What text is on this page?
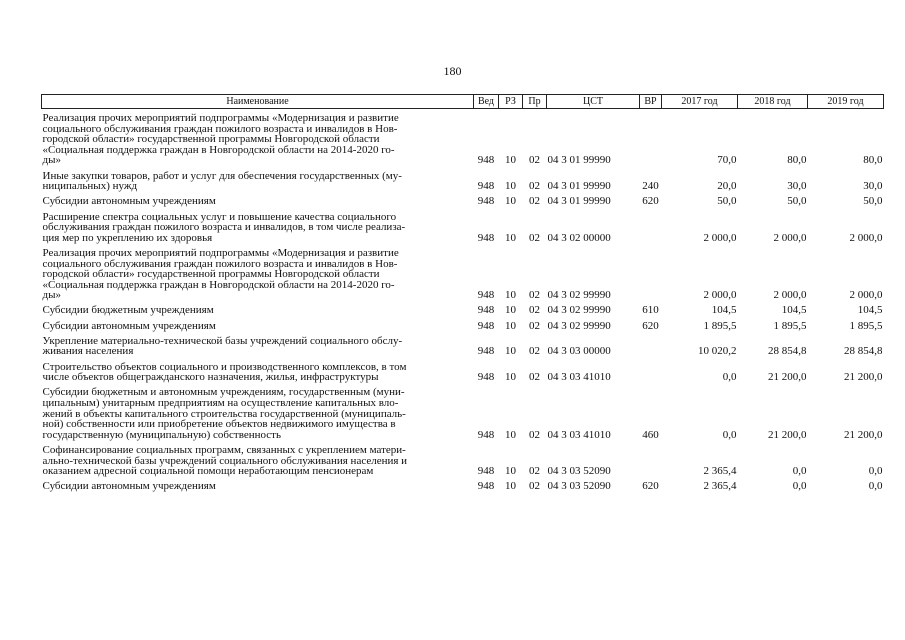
180
Наименование	Вед	РЗ	Пр	ЦСТ	ВР	2017 год	2018 год	2019 год

Реализация прочих мероприятий подпрограммы «Модернизация и развитие
социального обслуживания граждан пожилого возраста и инвалидов в Нов-
городской области» государственной программы Новгородской области
«Социальная поддержка граждан в Новгородской области на 2014-2020 го-
ды»	948	10	02	04 3 01 99990		70,0	80,0	80,0

Иные закупки товаров, работ и услуг для обеспечения государственных (му-
ниципальных) нужд	948	10	02	04 3 01 99990	240	20,0	30,0	30,0

Субсидии автономным учреждениям	948	10	02	04 3 01 99990	620	50,0	50,0	50,0

Расширение спектра социальных услуг и повышение качества социального
обслуживания граждан пожилого возраста и инвалидов, в том числе реализа-
ция мер по укреплению их здоровья	948	10	02	04 3 02 00000		2 000,0	2 000,0	2 000,0

Реализация прочих мероприятий подпрограммы «Модернизация и развитие
социального обслуживания граждан пожилого возраста и инвалидов в Нов-
городской области» государственной программы Новгородской области
«Социальная поддержка граждан в Новгородской области на 2014-2020 го-
ды»	948	10	02	04 3 02 99990		2 000,0	2 000,0	2 000,0

Субсидии бюджетным учреждениям	948	10	02	04 3 02 99990	610	104,5	104,5	104,5

Субсидии автономным учреждениям	948	10	02	04 3 02 99990	620	1 895,5	1 895,5	1 895,5

Укрепление материально-технической базы учреждений социального обслу-
живания населения	948	10	02	04 3 03 00000		10 020,2	28 854,8	28 854,8

Строительство объектов социального и производственного комплексов, в том
числе объектов общегражданского назначения, жилья, инфраструктуры	948	10	02	04 3 03 41010		0,0	21 200,0	21 200,0

Субсидии бюджетным и автономным учреждениям, государственным (муни-
ципальным) унитарным предприятиям на осуществление капитальных вло-
жений в объекты капитального строительства государственной (муниципаль-
ной) собственности или приобретение объектов недвижимого имущества в
государственную (муниципальную) собственность	948	10	02	04 3 03 41010	460	0,0	21 200,0	21 200,0

Софинансирование социальных программ, связанных с укреплением матери-
ально-технической базы учреждений социального обслуживания населения и
оказанием адресной социальной помощи неработающим пенсионерам	948	10	02	04 3 03 52090		2 365,4	0,0	0,0

Субсидии автономным учреждениям	948	10	02	04 3 03 52090	620	2 365,4	0,0	0,0
